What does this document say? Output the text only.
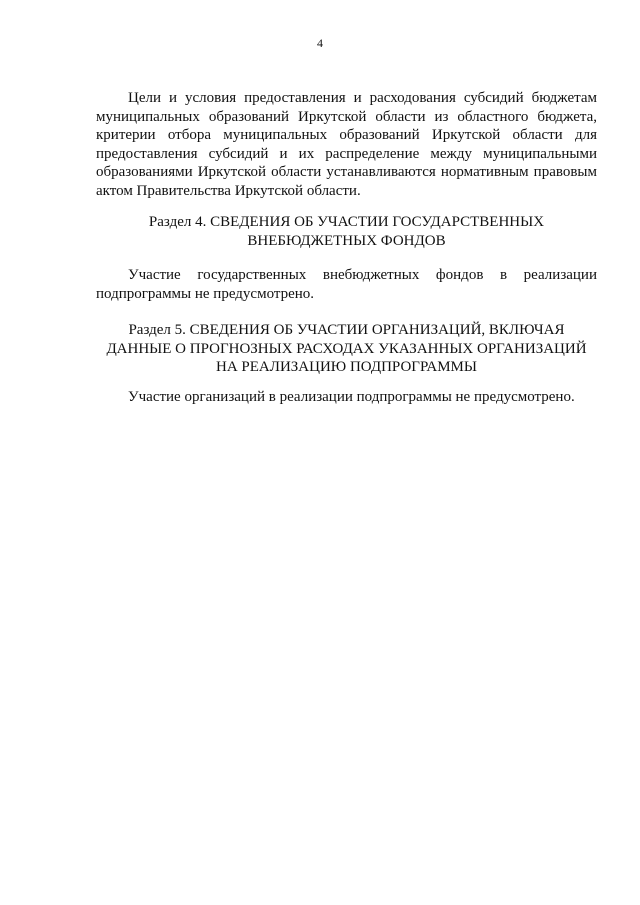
4

Цели и условия предоставления и расходования субсидий бюджетам муниципальных образований Иркутской области из областного бюджета, критерии отбора муниципальных образований Иркутской области для предоставления субсидий и их распределение между муниципальными образованиями Иркутской области устанавливаются нормативным правовым актом Правительства Иркутской области.

Раздел 4. СВЕДЕНИЯ ОБ УЧАСТИИ ГОСУДАРСТВЕННЫХ
ВНЕБЮДЖЕТНЫХ ФОНДОВ

Участие государственных внебюджетных фондов в реализации подпрограммы не предусмотрено.

Раздел 5. СВЕДЕНИЯ ОБ УЧАСТИИ ОРГАНИЗАЦИЙ, ВКЛЮЧАЯ
ДАННЫЕ О ПРОГНОЗНЫХ РАСХОДАХ УКАЗАННЫХ ОРГАНИЗАЦИЙ
НА РЕАЛИЗАЦИЮ ПОДПРОГРАММЫ

Участие организаций в реализации подпрограммы не предусмотрено.
